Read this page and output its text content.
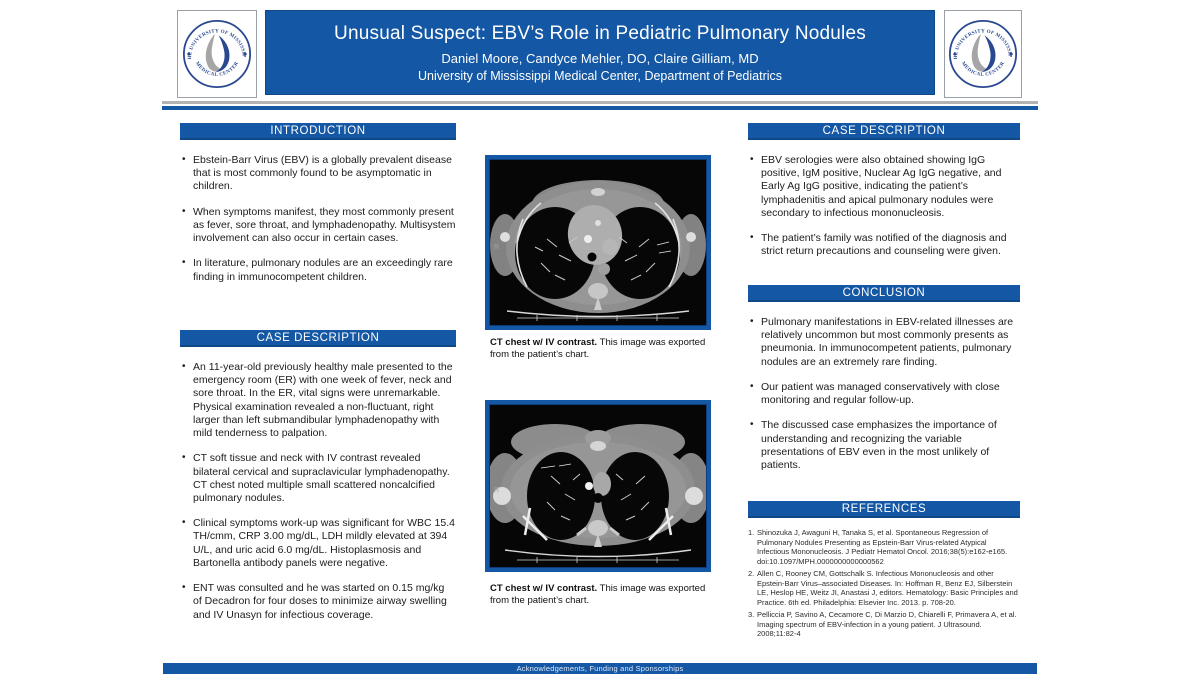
Unusual Suspect: EBV’s Role in Pediatric Pulmonary Nodules
Daniel Moore, Candyce Mehler, DO, Claire Gilliam, MD
University of Mississippi Medical Center, Department of Pediatrics
INTRODUCTION

• Ebstein-Barr Virus (EBV) is a globally prevalent disease that is most commonly found to be asymptomatic in children.

• When symptoms manifest, they most commonly present as fever, sore throat, and lymphadenopathy. Multisystem involvement can also occur in certain cases.

• In literature, pulmonary nodules are an exceedingly rare finding in immunocompetent children.

CASE DESCRIPTION

• An 11-year-old previously healthy male presented to the emergency room (ER) with one week of fever, neck and sore throat. In the ER, vital signs were unremarkable. Physical examination revealed a non-fluctuant, right larger than left submandibular lymphadenopathy with mild tenderness to palpation.

• CT soft tissue and neck with IV contrast revealed bilateral cervical and supraclavicular lymphadenopathy. CT chest noted multiple small scattered noncalcified pulmonary nodules.

• Clinical symptoms work-up was significant for WBC 15.4 TH/cmm, CRP 3.00 mg/dL, LDH mildly elevated at 394 U/L, and uric acid 6.0 mg/dL. Histoplasmosis and Bartonella antibody panels were negative.

• ENT was consulted and he was started on 0.15 mg/kg of Decadron for four doses to minimize airway swelling and IV Unasyn for infectious coverage.

R

CT chest w/ IV contrast. This image was exported from the patient’s chart.

R

CT chest w/ IV contrast. This image was exported from the patient’s chart.

CASE DESCRIPTION

• EBV serologies were also obtained showing IgG positive, IgM positive, Nuclear Ag IgG negative, and Early Ag IgG positive, indicating the patient’s lymphadenitis and apical pulmonary nodules were secondary to infectious mononucleosis.

• The patient’s family was notified of the diagnosis and strict return precautions and counseling were given.

CONCLUSION

• Pulmonary manifestations in EBV-related illnesses are relatively uncommon but most commonly presents as pneumonia. In immunocompetent patients, pulmonary nodules are an extremely rare finding.

• Our patient was managed conservatively with close monitoring and regular follow-up.

• The discussed case emphasizes the importance of understanding and recognizing the variable presentations of EBV even in the most unlikely of patients.

REFERENCES
1. Shinozuka J, Awaguni H, Tanaka S, et al. Spontaneous Regression of Pulmonary Nodules Presenting as Epstein-Barr Virus-related Atypical Infectious Mononucleosis. J Pediatr Hematol Oncol. 2016;38(5):e162-e165. doi:10.1097/MPH.0000000000000562
2. Allen C, Rooney CM, Gottschalk S. Infectious Mononucleosis and other Epstein-Barr Virus–associated Diseases. In: Hoffman R, Benz EJ, Silberstein LE, Heslop HE, Weitz JI, Anastasi J, editors. Hematology: Basic Principles and Practice. 6th ed. Philadelphia: Elsevier Inc. 2013. p. 708-20.
3. Pelliccia P, Savino A, Cecamore C, Di Marzio D, Chiarelli F, Primavera A, et al. Imaging spectrum of EBV-infection in a young patient. J Ultrasound. 2008;11:82-4
Acknowledgements, Funding and Sponsorships
